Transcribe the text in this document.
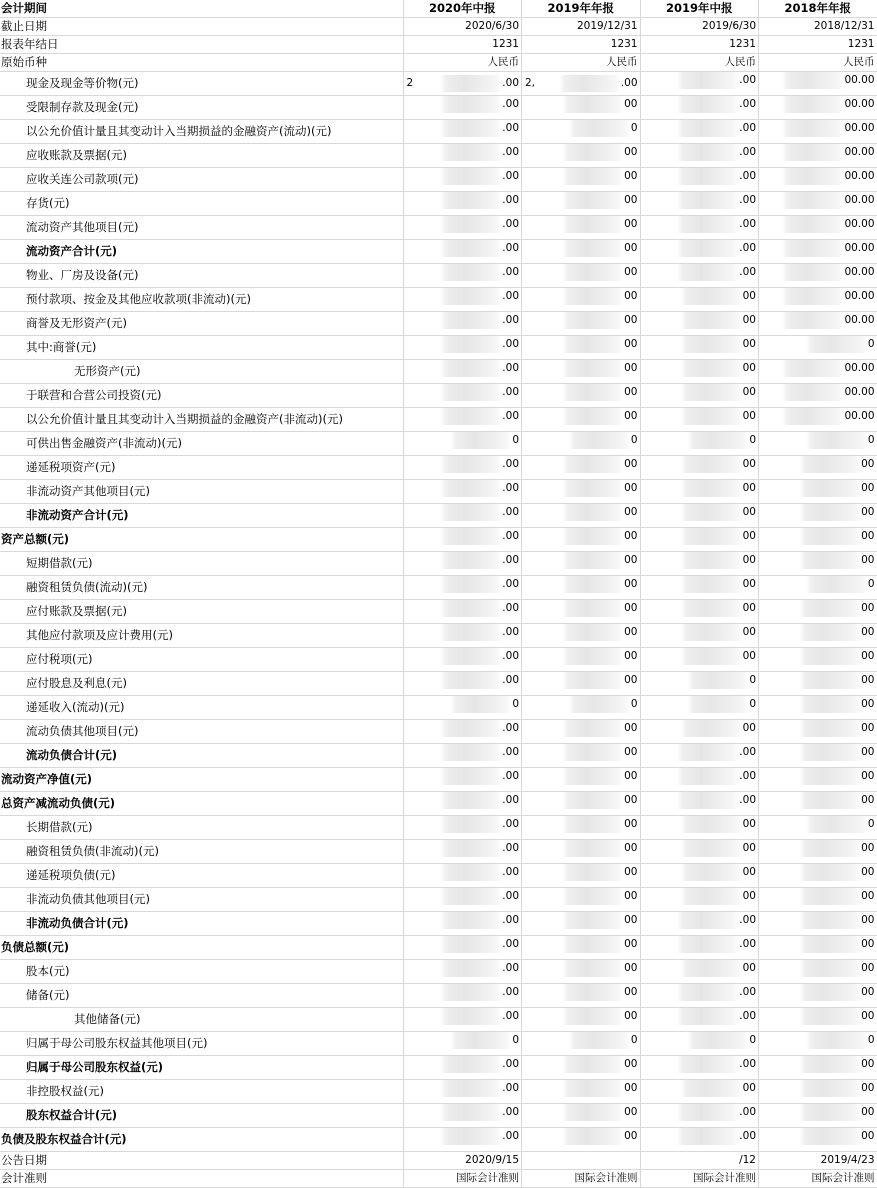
会计期间	2020年中报	2019年年报	2019年中报	2018年年报
截止日期	2020/6/30	2019/12/31	2019/6/30	2018/12/31
报表年结日	1231	1231	1231	1231
原始币种	人民币	人民币	人民币	人民币
现金及现金等价物(元)	2 .00	2, .00	.00	00.00

受限制存款及现金(元)	.00	00	.00	00.00

以公允价值计量且其变动计入当期损益的金融资产(流动)(元)	.00	0	.00	00.00

应收账款及票据(元)	.00	00	.00	00.00

应收关连公司款项(元)	.00	00	.00	00.00

存货(元)	.00	00	.00	00.00

流动资产其他项目(元)	.00	00	.00	00.00

流动资产合计(元)	.00	00	.00	00.00

物业、厂房及设备(元)	.00	00	.00	00.00

预付款项、按金及其他应收款项(非流动)(元)	.00	00	00	00.00

商誉及无形资产(元)	.00	00	00	00.00

其中:商誉(元)	.00	00	00	0

无形资产(元)	.00	00	00	00.00

于联营和合营公司投资(元)	.00	00	00	00.00

以公允价值计量且其变动计入当期损益的金融资产(非流动)(元)	.00	00	00	00.00

可供出售金融资产(非流动)(元)	0	0	0	0

递延税项资产(元)	.00	00	00	00

非流动资产其他项目(元)	.00	00	00	00

非流动资产合计(元)	.00	00	00	00

资产总额(元)	.00	00	00	00

短期借款(元)	.00	00	00	00

融资租赁负债(流动)(元)	.00	00	00	0

应付账款及票据(元)	.00	00	00	00

其他应付款项及应计费用(元)	.00	00	00	00

应付税项(元)	.00	00	00	00

应付股息及利息(元)	.00	00	0	00

递延收入(流动)(元)	0	0	0	00

流动负债其他项目(元)	.00	00	00	00

流动负债合计(元)	.00	00	.00	00

流动资产净值(元)	.00	00	.00	00

总资产减流动负债(元)	.00	00	.00	00

长期借款(元)	.00	00	00	0

融资租赁负债(非流动)(元)	.00	00	00	00

递延税项负债(元)	.00	00	00	00

非流动负债其他项目(元)	.00	00	00	00

非流动负债合计(元)	.00	00	.00	00

负债总额(元)	.00	00	.00	00

股本(元)	.00	00	00	00

储备(元)	.00	00	.00	00

其他储备(元)	.00	00	.00	00

归属于母公司股东权益其他项目(元)	0	0	0	0

归属于母公司股东权益(元)	.00	00	.00	00

非控股权益(元)	.00	00	00	00

股东权益合计(元)	.00	00	.00	00

负债及股东权益合计(元)	.00	00	.00	00

公告日期	2020/9/15		/12	2019/4/23
会计准则	国际会计准则	国际会计准则	国际会计准则	国际会计准则
